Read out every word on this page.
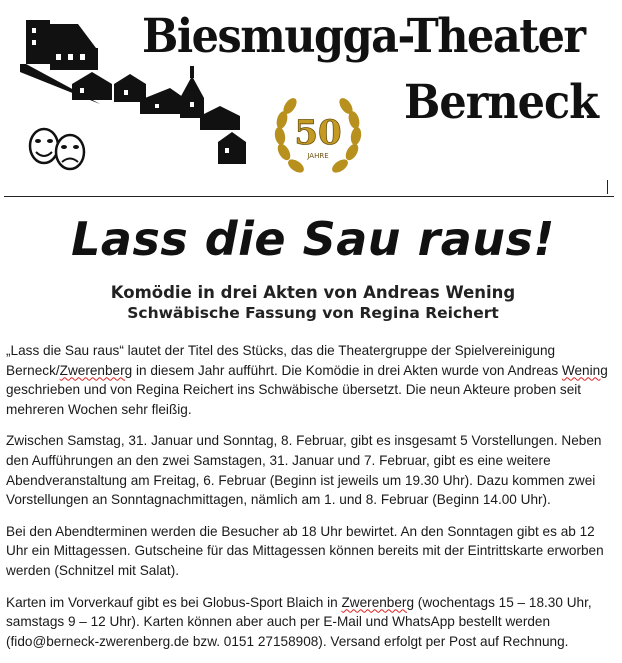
50
JAHRE
Biesmugga-Theater
Berneck
Lass die Sau raus!
Komödie in drei Akten von Andreas Wening
Schwäbische Fassung von Regina Reichert

„Lass die Sau raus“ lautet der Titel des Stücks, das die Theatergruppe der Spielvereinigung Berneck/Zwerenberg in diesem Jahr aufführt. Die Komödie in drei Akten wurde von Andreas Wening geschrieben und von Regina Reichert ins Schwäbische übersetzt. Die neun Akteure proben seit mehreren Wochen sehr fleißig.

Zwischen Samstag, 31. Januar und Sonntag, 8. Februar, gibt es insgesamt 5 Vorstellungen. Neben den Aufführungen an den zwei Samstagen, 31. Januar und 7. Februar, gibt es eine weitere Abendveranstaltung am Freitag, 6. Februar (Beginn ist jeweils um 19.30 Uhr). Dazu kommen zwei Vorstellungen an Sonntagnachmittagen, nämlich am 1. und 8. Februar (Beginn 14.00 Uhr).

Bei den Abendterminen werden die Besucher ab 18 Uhr bewirtet. An den Sonntagen gibt es ab 12 Uhr ein Mittagessen. Gutscheine für das Mittagessen können bereits mit der Eintrittskarte erworben werden (Schnitzel mit Salat).

Karten im Vorverkauf gibt es bei Globus-Sport Blaich in Zwerenberg (wochentags 15 – 18.30 Uhr, samstags 9 – 12 Uhr). Karten können aber auch per E-Mail und WhatsApp bestellt werden (fido@berneck-zwerenberg.de bzw. 0151 27158908). Versand erfolgt per Post auf Rechnung.
